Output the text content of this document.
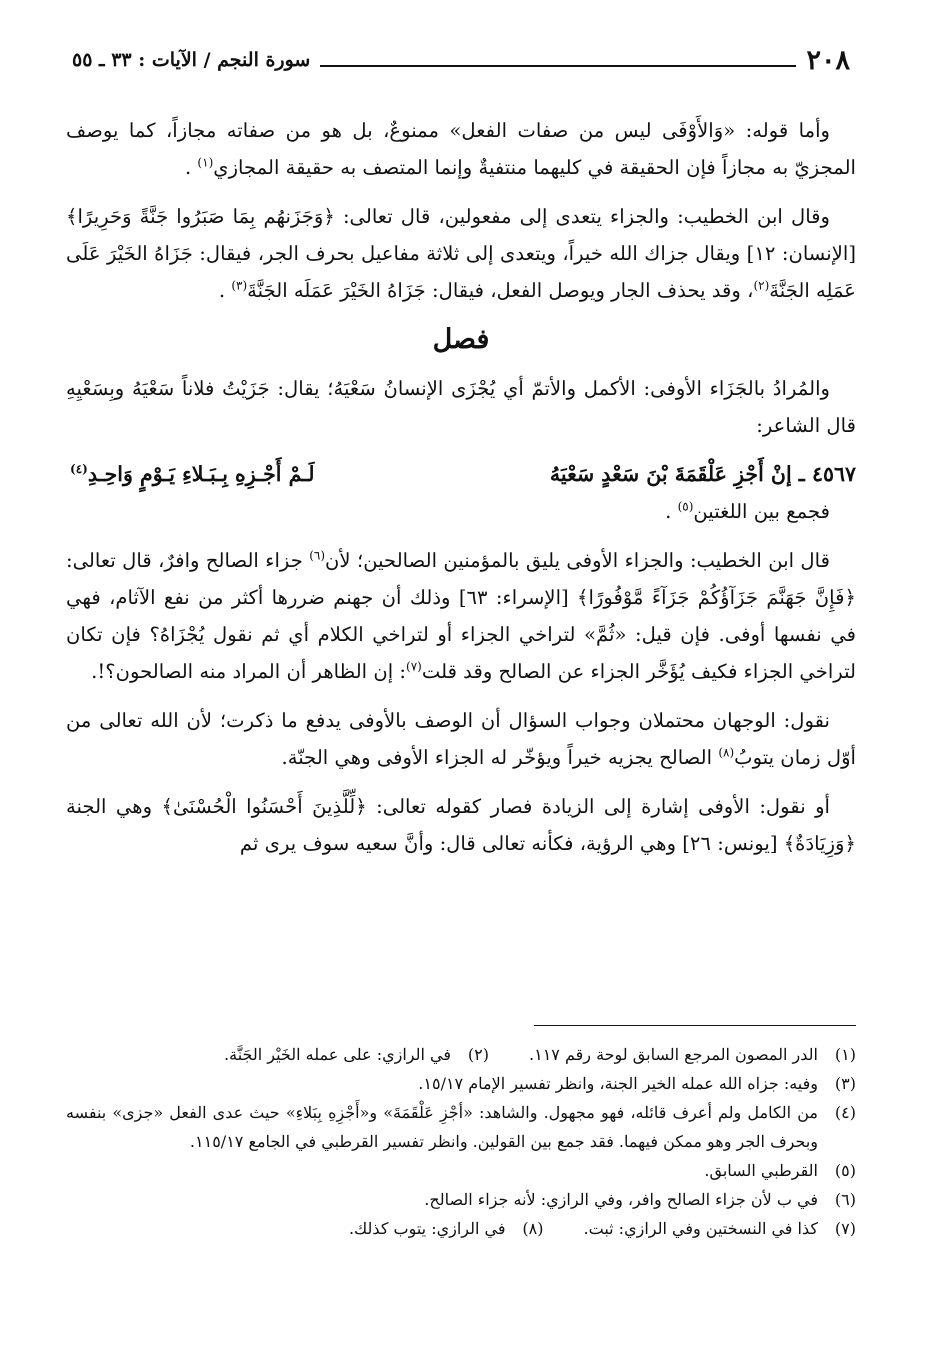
٢٠٨
سورة النجم / الآيات : ٣٣ ـ ٥٥

وأما قوله: «وَالأَوْفَى ليس من صفات الفعل» ممنوعٌ، بل هو من صفاته مجازاً، كما يوصف المجزيّ به مجازاً فإن الحقيقة في كليهما منتفيةٌ وإنما المتصف به حقيقة المجازي$^{(١)}$ .

وقال ابن الخطيب: والجزاء يتعدى إلى مفعولين، قال تعالى: ﴿وَجَزَنهُم بِمَا صَبَرُوا جَنَّةً وَحَرِيرًا﴾ [الإنسان: ١٢] ويقال جزاك الله خيراً، ويتعدى إلى ثلاثة مفاعيل بحرف الجر، فيقال: جَزَاهُ الخَيْرَ عَلَى عَمَلِه الجَنَّةَ$^{(٢)}$، وقد يحذف الجار ويوصل الفعل، فيقال: جَزَاهُ الخَيْرَ عَمَلَه الجَنَّةَ$^{(٣)}$ .

فصل

والمُرادُ بالجَزَاء الأوفى: الأكمل والأتمّ أي يُجْزَى الإنسانُ سَعْيَهُ؛ يقال: جَزَيْتُ فلاناً سَعْيَهُ وبِسَعْيِهِ قال الشاعر:

٤٥٦٧ ـ إنْ أَجْزِ عَلْقَمَةَ بْنَ سَعْدٍ سَعْيَهُ
لَـمْ أَجْـزِهِ بِـبَـلاءِ يَـوْمٍ وَاحِـدِ$^{(٤)}$

فجمع بين اللغتين$^{(٥)}$ .

قال ابن الخطيب: والجزاء الأوفى يليق بالمؤمنين الصالحين؛ لأن$^{(٦)}$ جزاء الصالح وافرٌ، قال تعالى: ﴿فَإِنَّ جَهَنَّمَ جَزَآؤُكُمْ جَزَآءً مَّوْفُورًا﴾ [الإسراء: ٦٣] وذلك أن جهنم ضررها أكثر من نفع الآثام، فهي في نفسها أوفى. فإن قيل: «ثُمَّ» لتراخي الجزاء أو لتراخي الكلام أي ثم نقول يُجْزَاهُ؟ فإن تكان لتراخي الجزاء فكيف يُؤَخَّر الجزاء عن الصالح وقد قلت$^{(٧)}$: إن الظاهر أن المراد منه الصالحون؟!.

نقول: الوجهان محتملان وجواب السؤال أن الوصف بالأوفى يدفع ما ذكرت؛ لأن الله تعالى من أوّل زمان يتوبُ$^{(٨)}$ الصالح يجزيه خيراً ويؤخّر له الجزاء الأوفى وهي الجنّة.

أو نقول: الأوفى إشارة إلى الزيادة فصار كقوله تعالى: ﴿لِّلَّذِينَ أَحْسَنُوا الْحُسْنَىٰ﴾ وهي الجنة ﴿وَزِيَادَةٌ﴾ [يونس: ٢٦] وهي الرؤية، فكأنه تعالى قال: وأنَّ سعيه سوف يرى ثم

(١)
الدر المصون المرجع السابق لوحة رقم ١١٧.
(٢)
في الرازي: على عمله الخَيْر الجَنَّة.
(٣)
وفيه: جزاه الله عمله الخير الجنة، وانظر تفسير الإمام ١٥/١٧.
(٤)
من الكامل ولم أعرف قائله، فهو مجهول. والشاهد: «أجْزِ عَلْقَمَةَ» و«أَجْزِهِ بِبَلاءِ» حيث عدى الفعل «جزى» بنفسه وبحرف الجر وهو ممكن فيهما. فقد جمع بين القولين. وانظر تفسير القرطبي في الجامع ١١٥/١٧.
(٥)
القرطبي السابق.
(٦)
في ب لأن جزاء الصالح وافر، وفي الرازي: لأنه جزاء الصالح.
(٧)
كذا في النسختين وفي الرازي: ثبت.
(٨)
في الرازي: يتوب كذلك.
